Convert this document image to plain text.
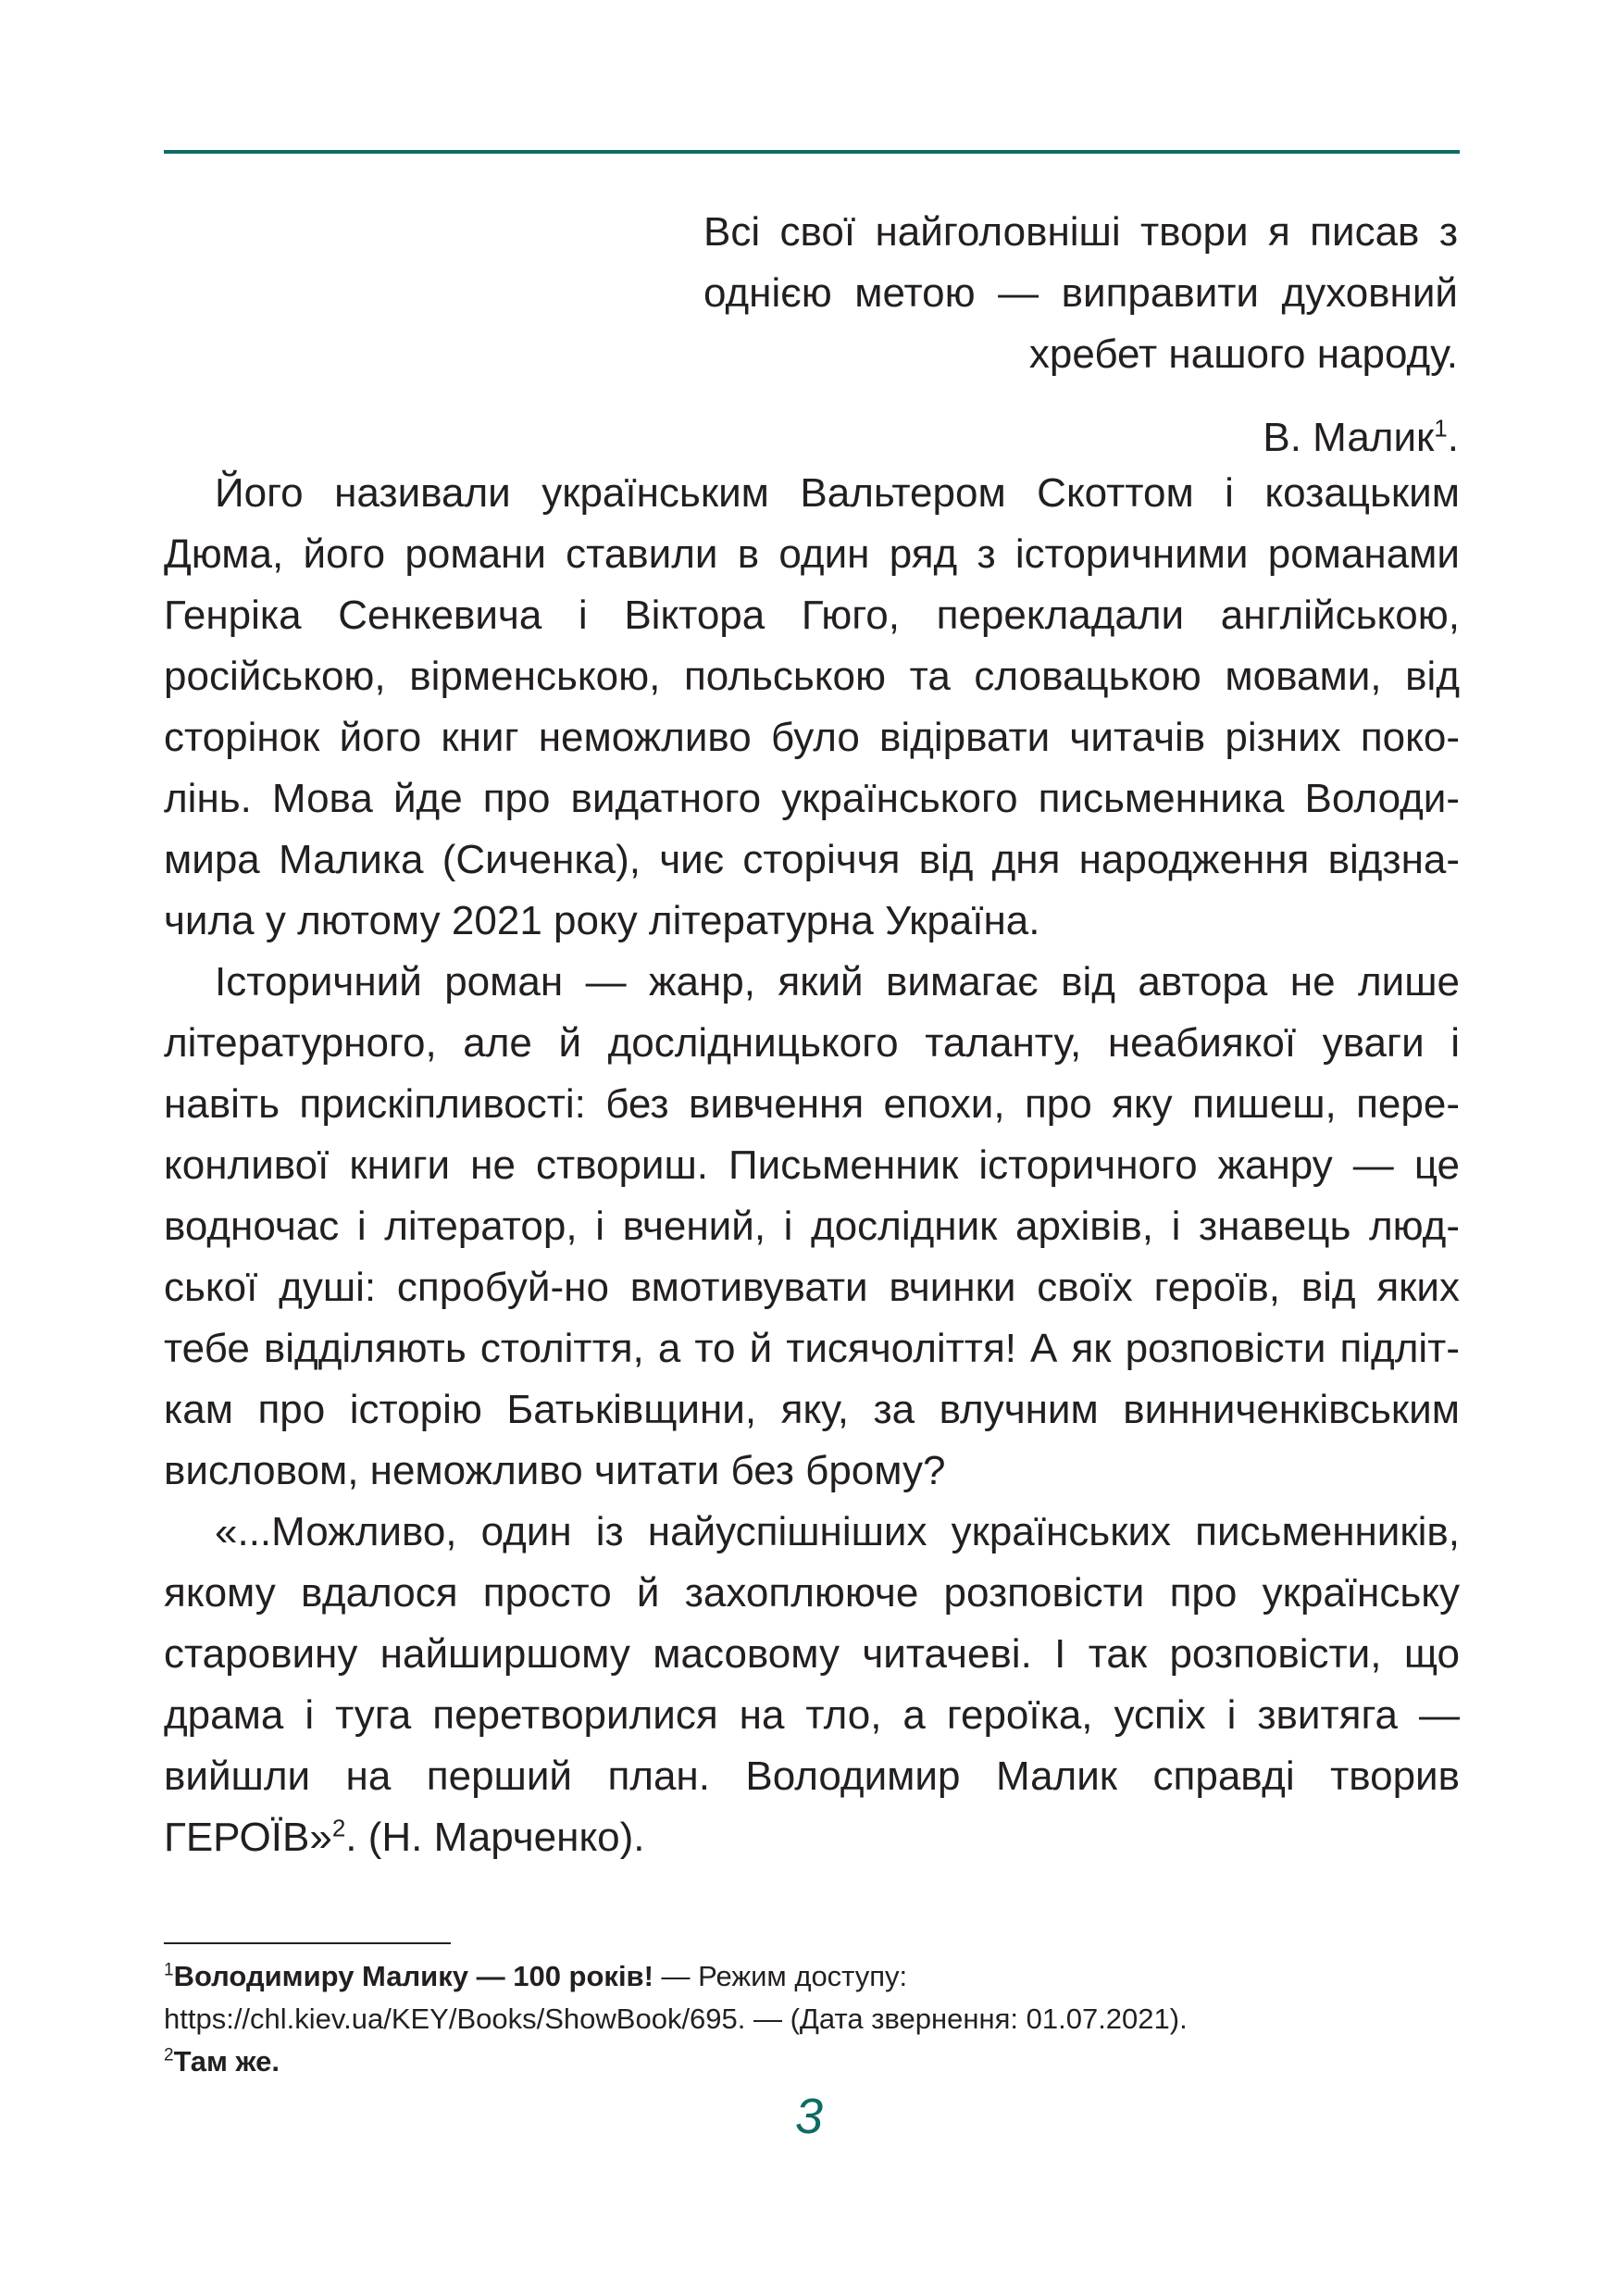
Всі свої найголовніші твори я писав з однією метою — виправити духовний хребет нашого народу.

В. Малик$^1$.

Його називали українським Вальтером Скоттом і козацьким Дюма, його романи ставили в один ряд з історичними романами Генріка Сенкевича і Віктора Гюго, перекладали англійською, російською, вірменською, польською та словацькою мовами, від сторінок його книг неможливо було відірвати читачів різних поколінь. Мова йде про видатного українського письменника Володимира Малика (Сиченка), чиє сторіччя від дня народження відзначила у лютому 2021 року літературна Україна.

Історичний роман — жанр, який вимагає від автора не лише літературного, але й дослідницького таланту, неабиякої уваги і навіть прискіпливості: без вивчення епохи, про яку пишеш, переконливої книги не створиш. Письменник історичного жанру — це водночас і літератор, і вчений, і дослідник архівів, і знавець людської душі: спробуй-но вмотивувати вчинки своїх героїв, від яких тебе відділяють століття, а то й тисячоліття! А як розповісти підліткам про історію Батьківщини, яку, за влучним винниченківським висловом, неможливо читати без брому?

«...Можливо, один із найуспішніших українських письменників, якому вдалося просто й захоплююче розповісти про українську старовину найширшому масовому читачеві. І так розповісти, що драма і туга перетворилися на тло, а героїка, успіх і звитяга — вийшли на перший план. Володимир Малик справді творив ГЕРОЇВ»$^2$. (Н. Марченко).

$^1$Володимиру Малику — 100 років! — Режим доступу: https://chl.kiev.ua/KEY/Books/ShowBook/695. — (Дата звернення: 01.07.2021).

$^2$Там же.

3
